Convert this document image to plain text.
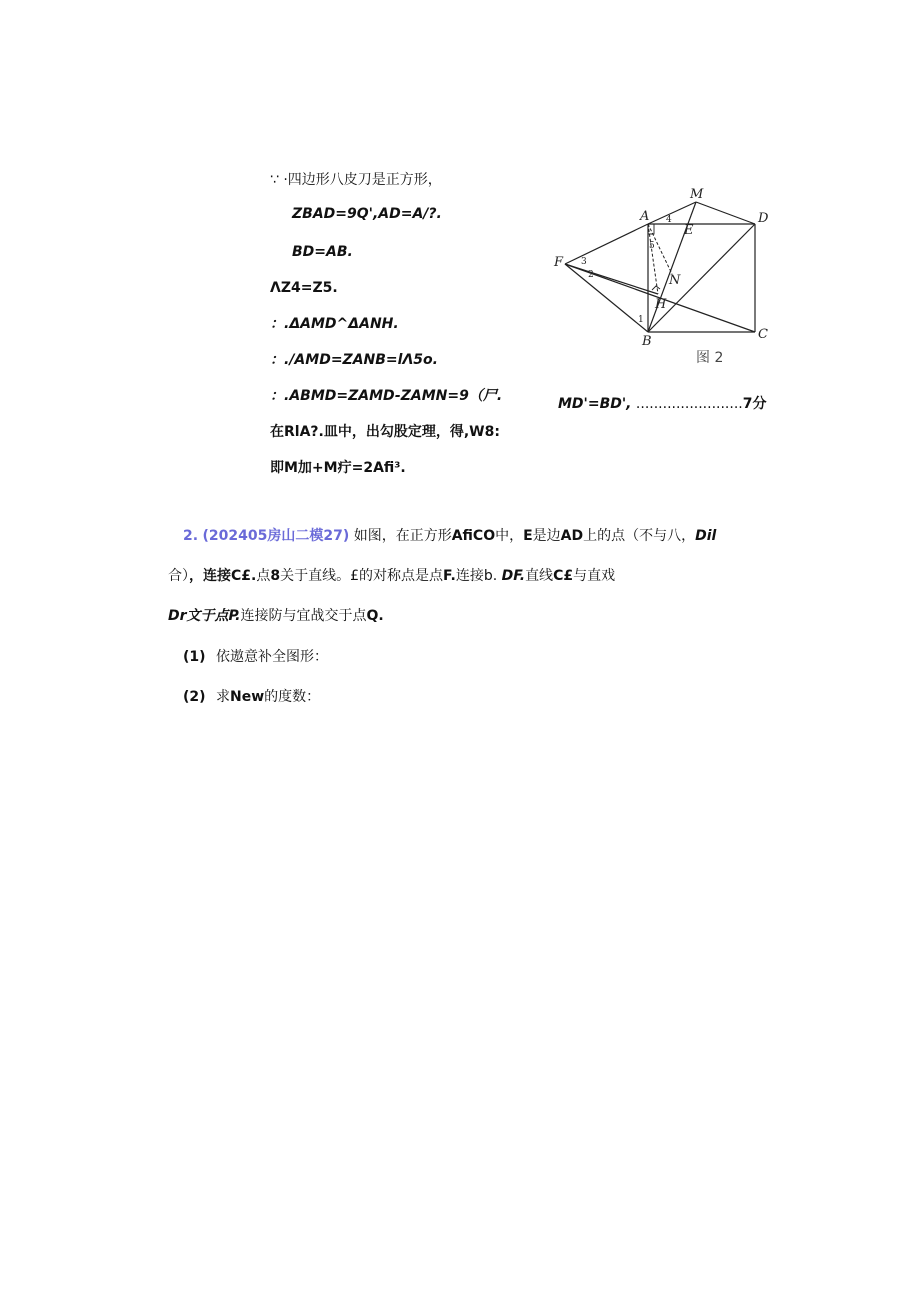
∵ ·四边形八皮刀是正方形，
ZBAD=9Q',AD=A/?.
BD=AB.
ΛZ4=Z5.
：.ΔAMD^ΔANH.
：./AMD=ZANB=lΛ5o.
：.ABMD=ZAMD-ZAMN=9（尸.
在RlA?.皿中，出勾股定理，得,W8:
即M加+M疔=2Afi³.
MD'=BD', ........................7分
A
M
D
E
F
N
H
B	C
1
2
3
4
5
图 2
2. (202405房山二模27) 如图，在正方形AfiCO中，E是边AD上的点（不与八，Dil
合），连接C£.点8关于直线。£的对称点是点F.连接b. DF.直线C£与直戏
Dr文于点P.连接防与宜战交于点Q.
(1) 依遨意补全图形：
(2) 求New的度数：
